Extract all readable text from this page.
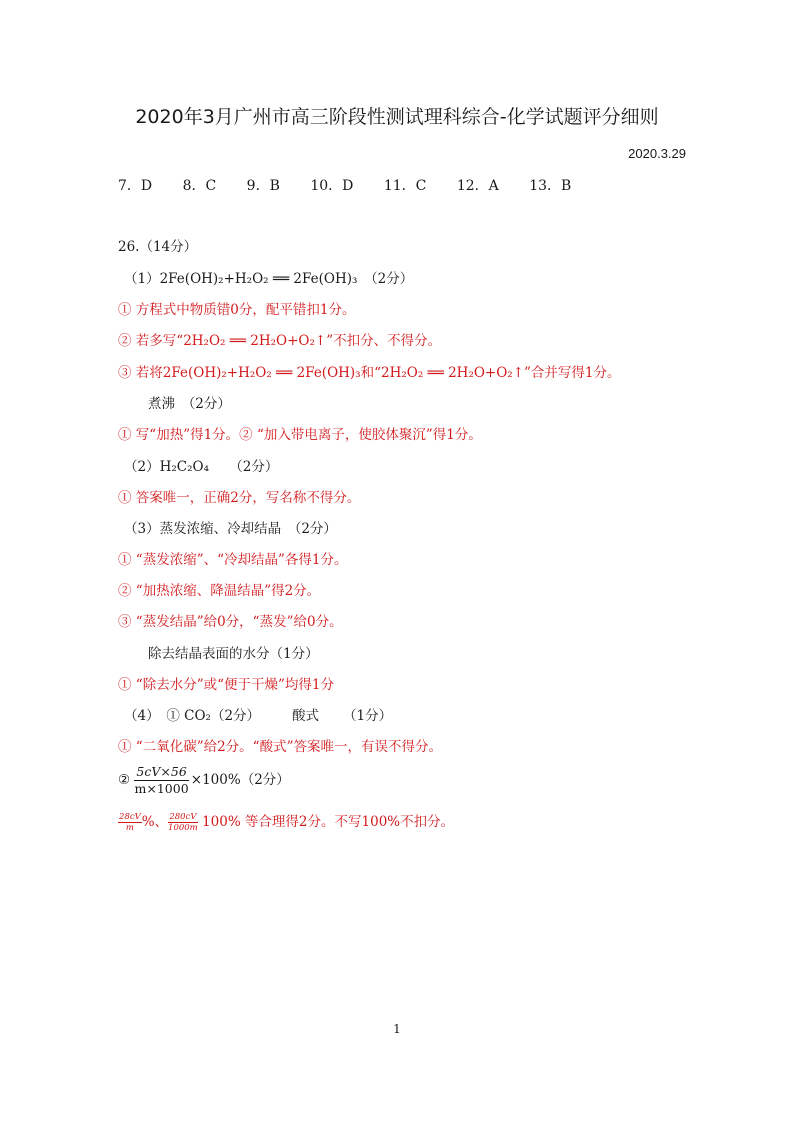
2020年3月广州市高三阶段性测试理科综合-化学试题评分细则
2020.3.29
7．D 8．C 9．B 10．D 11．C 12．A 13．B
26.（14分）
（1）2Fe(OH)₂+H₂O₂ ══ 2Fe(OH)₃　 （2分）
① 方程式中物质错0分，配平错扣1分。
② 若多写“2H₂O₂ ══ 2H₂O+O₂↑”不扣分、不得分。
③ 若将2Fe(OH)₂+H₂O₂ ══ 2Fe(OH)₃和“2H₂O₂ ══ 2H₂O+O₂↑”合并写得1分。
煮沸　（2分）
① 写“加热”得1分。② “加入带电离子，使胶体聚沉”得1分。
（2）H₂C₂O₄　　 （2分）
① 答案唯一，正确2分，写名称不得分。
（3）蒸发浓缩、冷却结晶　（2分）
① “蒸发浓缩”、“冷却结晶”各得1分。
② “加热浓缩、降温结晶”得2分。
③ “蒸发结晶”给0分，“蒸发”给0分。
除去结晶表面的水分（1分）
① “除去水分”或“便于干燥”均得1分
（4）　① CO₂（2分） 酸式 （1分）
① “二氧化碳”给2分。“酸式”答案唯一，有误不得分。
② $\frac{5cV\times 56}{m\times 1000} \times 100\%(2$分）
$\frac{28cV}{m}$ %、 $\frac{280cV}{1000m} 100\%$ 等合理得2分。不写100%不扣分。
1
